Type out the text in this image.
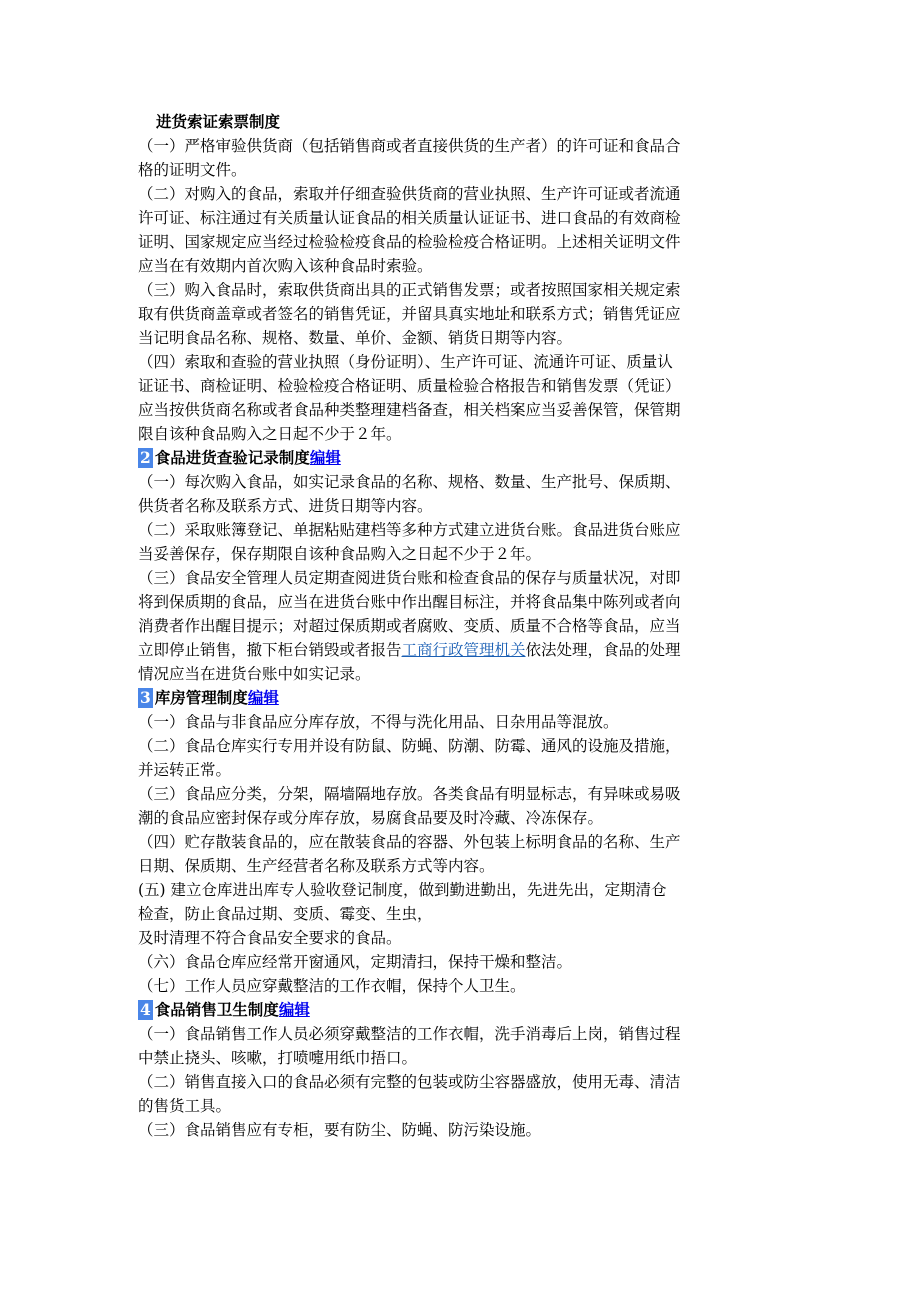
进货索证索票制度
（一）严格审验供货商（包括销售商或者直接供货的生产者）的许可证和食品合
格的证明文件。
（二）对购入的食品，索取并仔细查验供货商的营业执照、生产许可证或者流通
许可证、标注通过有关质量认证食品的相关质量认证证书、进口食品的有效商检
证明、国家规定应当经过检验检疫食品的检验检疫合格证明。上述相关证明文件
应当在有效期内首次购入该种食品时索验。
（三）购入食品时，索取供货商出具的正式销售发票；或者按照国家相关规定索
取有供货商盖章或者签名的销售凭证，并留具真实地址和联系方式；销售凭证应
当记明食品名称、规格、数量、单价、金额、销货日期等内容。
（四）索取和查验的营业执照（身份证明）、生产许可证、流通许可证、质量认
证证书、商检证明、检验检疫合格证明、质量检验合格报告和销售发票（凭证）
应当按供货商名称或者食品种类整理建档备查，相关档案应当妥善保管，保管期
限自该种食品购入之日起不少于２年。
2 食品进货查验记录制度编辑
（一）每次购入食品，如实记录食品的名称、规格、数量、生产批号、保质期、
供货者名称及联系方式、进货日期等内容。
（二）采取账簿登记、单据粘贴建档等多种方式建立进货台账。食品进货台账应
当妥善保存，保存期限自该种食品购入之日起不少于２年。
（三）食品安全管理人员定期查阅进货台账和检查食品的保存与质量状况，对即
将到保质期的食品，应当在进货台账中作出醒目标注，并将食品集中陈列或者向
消费者作出醒目提示；对超过保质期或者腐败、变质、质量不合格等食品，应当
立即停止销售，撤下柜台销毁或者报告工商行政管理机关依法处理，食品的处理
情况应当在进货台账中如实记录。
3 库房管理制度编辑
（一）食品与非食品应分库存放，不得与洗化用品、日杂用品等混放。
（二）食品仓库实行专用并设有防鼠、防蝇、防潮、防霉、通风的设施及措施，
并运转正常。
（三）食品应分类，分架，隔墙隔地存放。各类食品有明显标志，有异味或易吸
潮的食品应密封保存或分库存放，易腐食品要及时冷藏、冷冻保存。
（四）贮存散装食品的，应在散装食品的容器、外包装上标明食品的名称、生产
日期、保质期、生产经营者名称及联系方式等内容。
(五) 建立仓库进出库专人验收登记制度，做到勤进勤出，先进先出，定期清仓
检查，防止食品过期、变质、霉变、生虫，
及时清理不符合食品安全要求的食品。
（六）食品仓库应经常开窗通风，定期清扫，保持干燥和整洁。
（七）工作人员应穿戴整洁的工作衣帽，保持个人卫生。
4 食品销售卫生制度编辑
（一）食品销售工作人员必须穿戴整洁的工作衣帽，洗手消毒后上岗，销售过程
中禁止挠头、咳嗽，打喷嚏用纸巾捂口。
（二）销售直接入口的食品必须有完整的包装或防尘容器盛放，使用无毒、清洁
的售货工具。
（三）食品销售应有专柜，要有防尘、防蝇、防污染设施。
